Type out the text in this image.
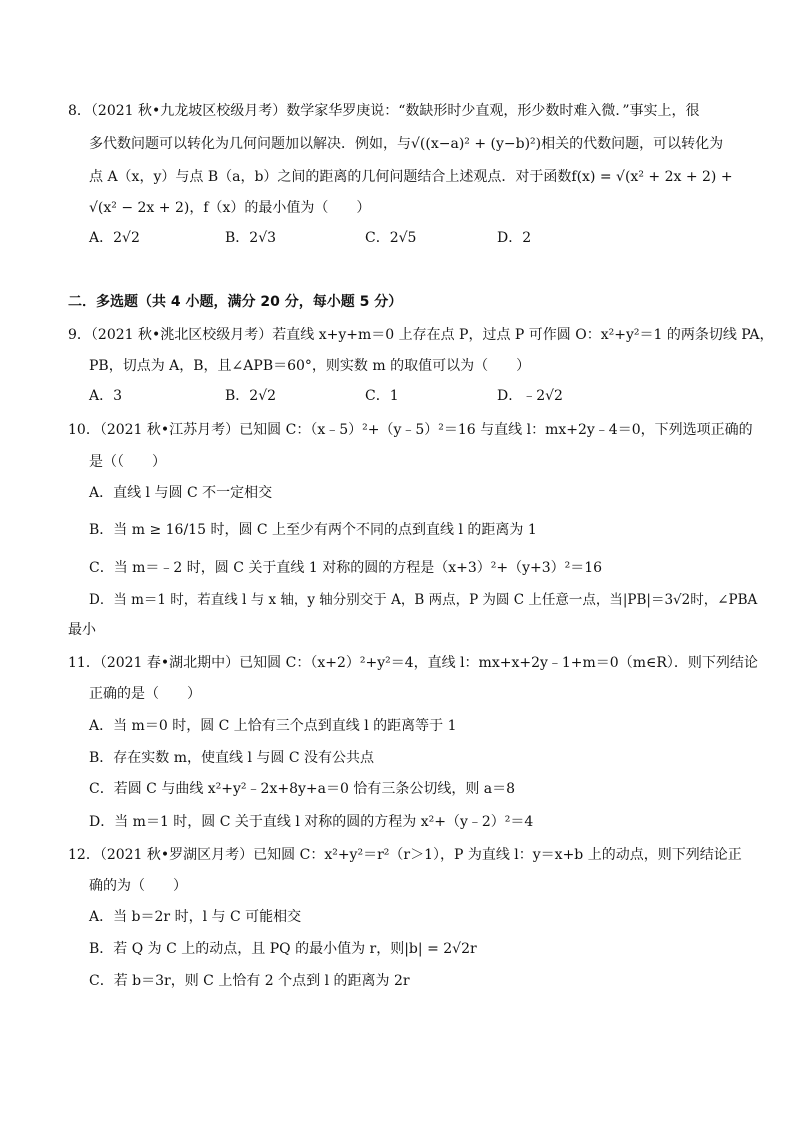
8．（2021 秋•九龙坡区校级月考）数学家华罗庚说：“数缺形时少直观，形少数时难入微．”事实上，很
多代数问题可以转化为几何问题加以解决．例如，与√((x−a)² + (y−b)²)相关的代数问题，可以转化为
点 A（x，y）与点 B（a，b）之间的距离的几何问题结合上述观点．对于函数f(x) = √(x² + 2x + 2) +
√(x² − 2x + 2)，f（x）的最小值为（　　）
A．2√2	B．2√3	C．2√5	D．2
二．多选题（共 4 小题，满分 20 分，每小题 5 分）
9．（2021 秋•洮北区校级月考）若直线 x+y+m＝0 上存在点 P，过点 P 可作圆 O：x²+y²＝1 的两条切线 PA，
PB，切点为 A，B，且∠APB＝60°，则实数 m 的取值可以为（　　）
A．3	B．2√2	C．1	D．﹣2√2
10．（2021 秋•江苏月考）已知圆 C：（x﹣5）²+（y﹣5）²＝16 与直线 l：mx+2y﹣4＝0，下列选项正确的
是（（　　）
A．直线 l 与圆 C 不一定相交
B．当 m ≥ 16/15 时，圆 C 上至少有两个不同的点到直线 l 的距离为 1
C．当 m＝﹣2 时，圆 C 关于直线 1 对称的圆的方程是（x+3）²+（y+3）²＝16
D．当 m＝1 时，若直线 l 与 x 轴，y 轴分别交于 A，B 两点，P 为圆 C 上任意一点，当|PB|＝3√2时，∠PBA
最小
11．（2021 春•湖北期中）已知圆 C：（x+2）²+y²＝4，直线 l：mx+x+2y﹣1+m＝0（m∈R）．则下列结论
正确的是（　　）
A．当 m＝0 时，圆 C 上恰有三个点到直线 l 的距离等于 1
B．存在实数 m，使直线 l 与圆 C 没有公共点
C．若圆 C 与曲线 x²+y²﹣2x+8y+a＝0 恰有三条公切线，则 a＝8
D．当 m＝1 时，圆 C 关于直线 l 对称的圆的方程为 x²+（y﹣2）²＝4
12．（2021 秋•罗湖区月考）已知圆 C：x²+y²＝r²（r＞1），P 为直线 l：y＝x+b 上的动点，则下列结论正
确的为（　　）
A．当 b＝2r 时，l 与 C 可能相交
B．若 Q 为 C 上的动点，且 PQ 的最小值为 r，则|b| = 2√2r
C．若 b＝3r，则 C 上恰有 2 个点到 l 的距离为 2r
